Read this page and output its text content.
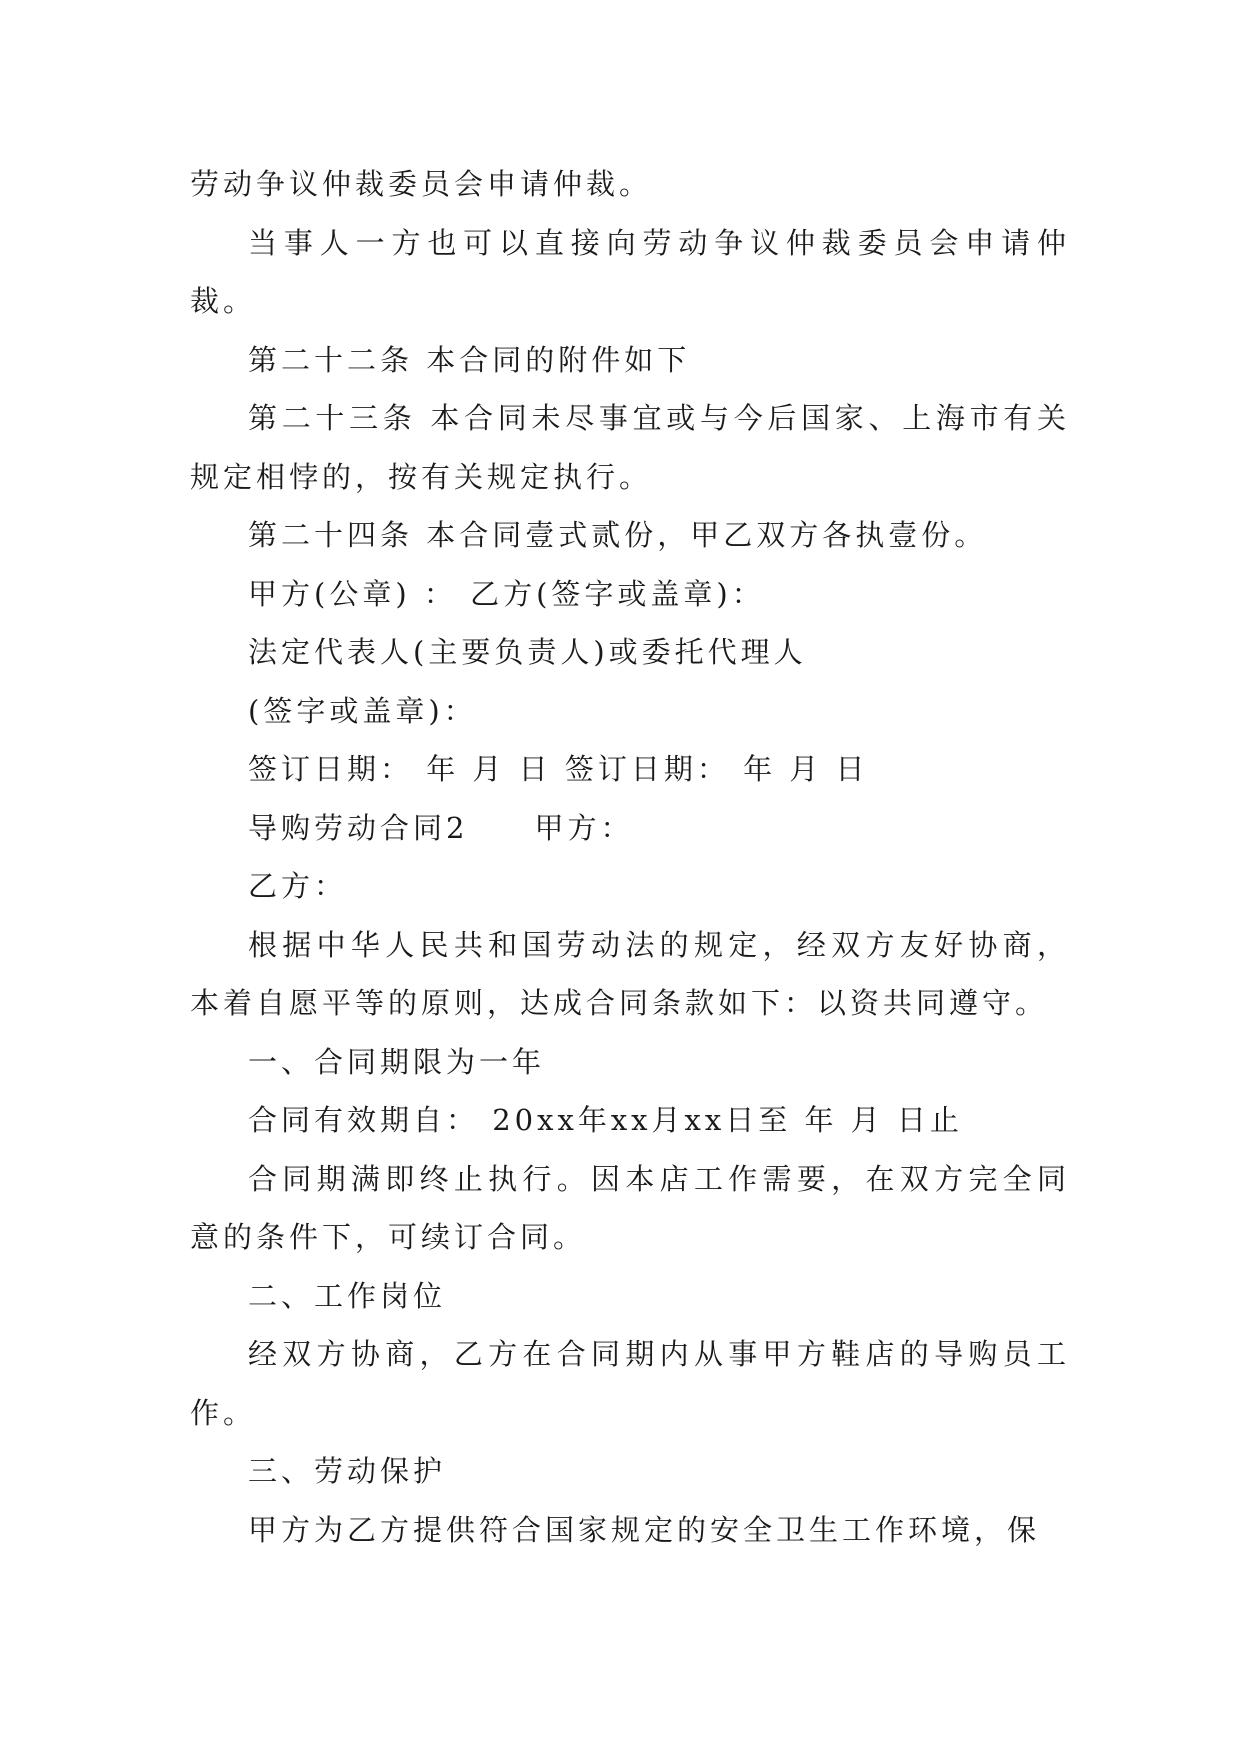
劳动争议仲裁委员会申请仲裁。

当事人一方也可以直接向劳动争议仲裁委员会申请仲裁。

第二十二条 本合同的附件如下

第二十三条 本合同未尽事宜或与今后国家、上海市有关规定相悖的，按有关规定执行。

第二十四条 本合同壹式贰份，甲乙双方各执壹份。

甲方(公章) ： 乙方(签字或盖章)：

法定代表人(主要负责人)或委托代理人

(签字或盖章)：

签订日期： 年 月 日 签订日期： 年 月 日

导购劳动合同2　　甲方：

乙方：

根据中华人民共和国劳动法的规定，经双方友好协商，本着自愿平等的原则，达成合同条款如下：以资共同遵守。

一、合同期限为一年

合同有效期自： 20xx年xx月xx日至 年 月 日止

合同期满即终止执行。因本店工作需要，在双方完全同意的条件下，可续订合同。

二、工作岗位

经双方协商，乙方在合同期内从事甲方鞋店的导购员工作。

三、劳动保护

甲方为乙方提供符合国家规定的安全卫生工作环境，保
